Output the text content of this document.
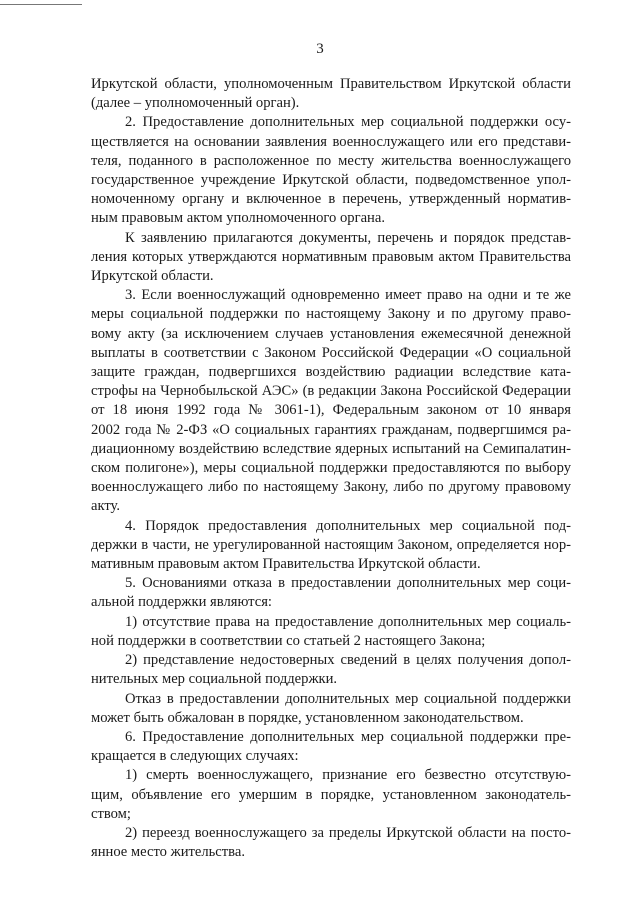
3
Иркутской области, уполномоченным Правительством Иркутской области
(далее – уполномоченный орган).
2. Предоставление дополнительных мер социальной поддержки осу-
ществляется на основании заявления военнослужащего или его представи-
теля, поданного в расположенное по месту жительства военнослужащего
государственное учреждение Иркутской области, подведомственное упол-
номоченному органу и включенное в перечень, утвержденный норматив-
ным правовым актом уполномоченного органа.
К заявлению прилагаются документы, перечень и порядок представ-
ления которых утверждаются нормативным правовым актом Правительства
Иркутской области.
3. Если военнослужащий одновременно имеет право на одни и те же
меры социальной поддержки по настоящему Закону и по другому право-
вому акту (за исключением случаев установления ежемесячной денежной
выплаты в соответствии с Законом Российской Федерации «О социальной
защите граждан, подвергшихся воздействию радиации вследствие ката-
строфы на Чернобыльской АЭС» (в редакции Закона Российской Федерации
от 18 июня 1992 года № 3061-1), Федеральным законом от 10 января
2002 года № 2-ФЗ «О социальных гарантиях гражданам, подвергшимся ра-
диационному воздействию вследствие ядерных испытаний на Семипалатин-
ском полигоне»), меры социальной поддержки предоставляются по выбору
военнослужащего либо по настоящему Закону, либо по другому правовому
акту.
4. Порядок предоставления дополнительных мер социальной под-
держки в части, не урегулированной настоящим Законом, определяется нор-
мативным правовым актом Правительства Иркутской области.
5. Основаниями отказа в предоставлении дополнительных мер соци-
альной поддержки являются:
1) отсутствие права на предоставление дополнительных мер социаль-
ной поддержки в соответствии со статьей 2 настоящего Закона;
2) представление недостоверных сведений в целях получения допол-
нительных мер социальной поддержки.
Отказ в предоставлении дополнительных мер социальной поддержки
может быть обжалован в порядке, установленном законодательством.
6. Предоставление дополнительных мер социальной поддержки пре-
кращается в следующих случаях:
1) смерть военнослужащего, признание его безвестно отсутствую-
щим, объявление его умершим в порядке, установленном законодатель-
ством;
2) переезд военнослужащего за пределы Иркутской области на посто-
янное место жительства.
